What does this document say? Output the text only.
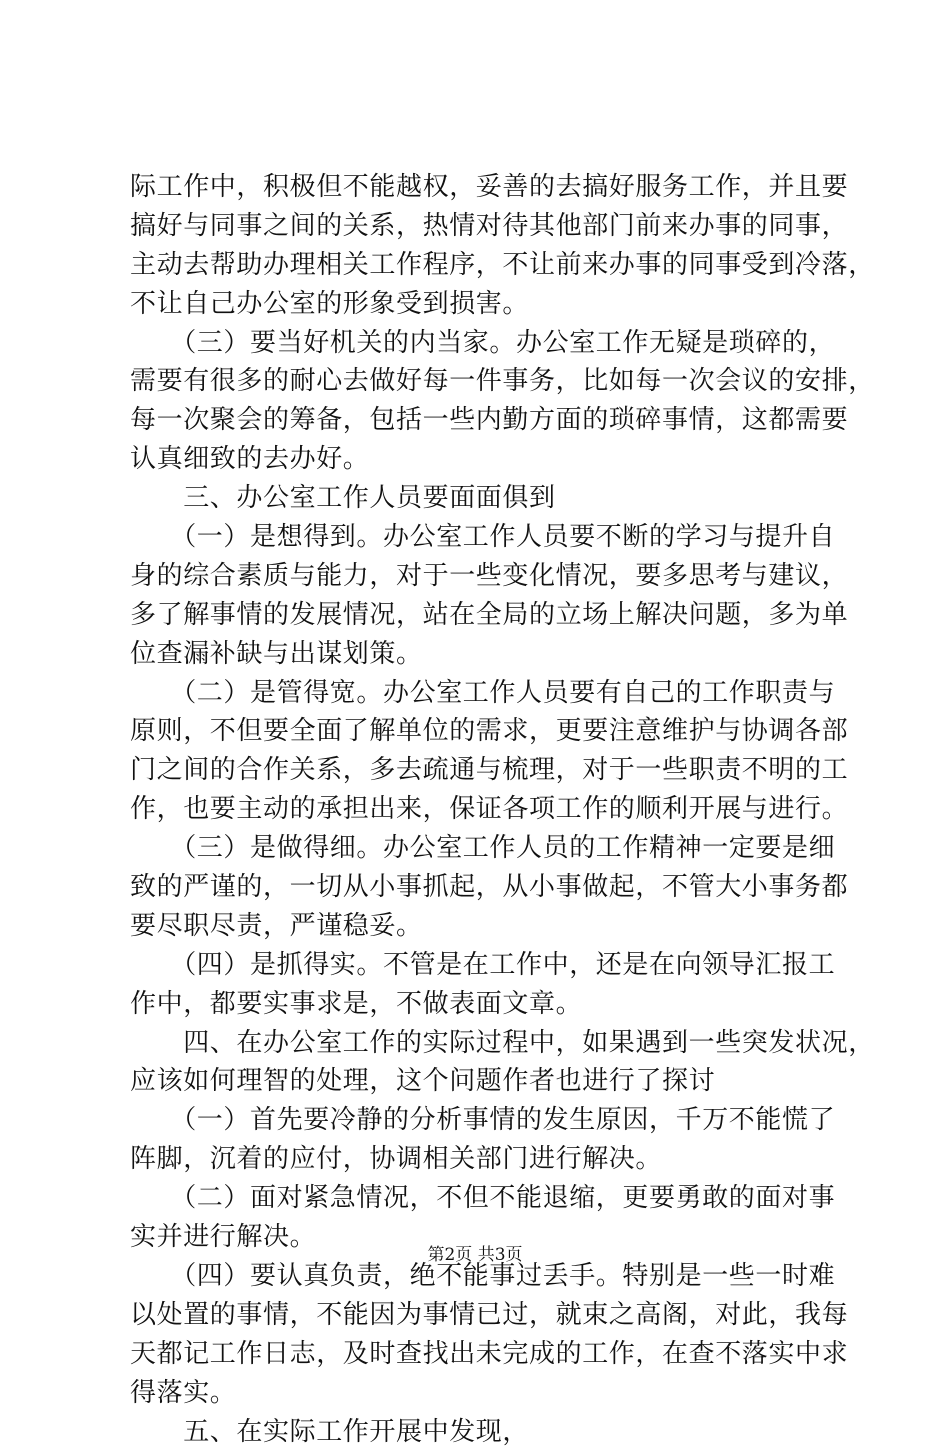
际工作中，积极但不能越权，妥善的去搞好服务工作，并且要
搞好与同事之间的关系，热情对待其他部门前来办事的同事，
主动去帮助办理相关工作程序，不让前来办事的同事受到冷落，
不让自己办公室的形象受到损害。
　　（三）要当好机关的内当家。办公室工作无疑是琐碎的，
需要有很多的耐心去做好每一件事务，比如每一次会议的安排，
每一次聚会的筹备，包括一些内勤方面的琐碎事情，这都需要
认真细致的去办好。
　　三、办公室工作人员要面面俱到
　　（一）是想得到。办公室工作人员要不断的学习与提升自
身的综合素质与能力，对于一些变化情况，要多思考与建议，
多了解事情的发展情况，站在全局的立场上解决问题，多为单
位查漏补缺与出谋划策。
　　（二）是管得宽。办公室工作人员要有自己的工作职责与
原则，不但要全面了解单位的需求，更要注意维护与协调各部
门之间的合作关系，多去疏通与梳理，对于一些职责不明的工
作，也要主动的承担出来，保证各项工作的顺利开展与进行。
　　（三）是做得细。办公室工作人员的工作精神一定要是细
致的严谨的，一切从小事抓起，从小事做起，不管大小事务都
要尽职尽责，严谨稳妥。
　　（四）是抓得实。不管是在工作中，还是在向领导汇报工
作中，都要实事求是，不做表面文章。
　　四、在办公室工作的实际过程中，如果遇到一些突发状况，
应该如何理智的处理，这个问题作者也进行了探讨
　　（一）首先要冷静的分析事情的发生原因，千万不能慌了
阵脚，沉着的应付，协调相关部门进行解决。
　　（二）面对紧急情况，不但不能退缩，更要勇敢的面对事
实并进行解决。
　　（四）要认真负责，绝不能事过丢手。特别是一些一时难
以处置的事情，不能因为事情已过，就束之高阁，对此，我每
天都记工作日志，及时查找出未完成的工作，在查不落实中求
得落实。
　　五、在实际工作开展中发现，
第2页 共3页
